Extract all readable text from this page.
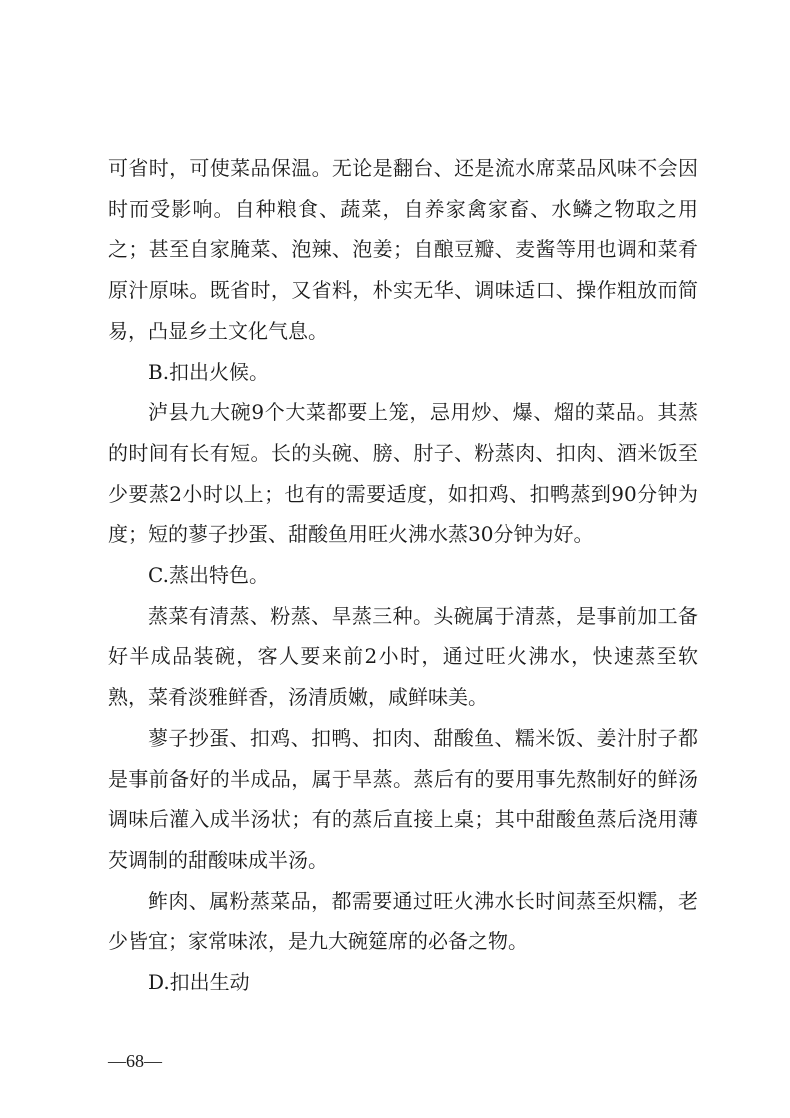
可省时，可使菜品保温。无论是翻台、还是流水席菜品风味不会因时而受影响。自种粮食、蔬菜，自养家禽家畜、水鳞之物取之用之；甚至自家腌菜、泡辣、泡姜；自酿豆瓣、麦酱等用也调和菜肴原汁原味。既省时，又省料，朴实无华、调味适口、操作粗放而简易，凸显乡土文化气息。

B.扣出火候。

泸县九大碗9个大菜都要上笼，忌用炒、爆、熘的菜品。其蒸的时间有长有短。长的头碗、膀、肘子、粉蒸肉、扣肉、酒米饭至少要蒸2小时以上；也有的需要适度，如扣鸡、扣鸭蒸到90分钟为度；短的蓼子抄蛋、甜酸鱼用旺火沸水蒸30分钟为好。

C.蒸出特色。

蒸菜有清蒸、粉蒸、旱蒸三种。头碗属于清蒸，是事前加工备好半成品装碗，客人要来前2小时，通过旺火沸水，快速蒸至软熟，菜肴淡雅鲜香，汤清质嫩，咸鲜味美。

蓼子抄蛋、扣鸡、扣鸭、扣肉、甜酸鱼、糯米饭、姜汁肘子都是事前备好的半成品，属于旱蒸。蒸后有的要用事先熬制好的鲜汤调味后灌入成半汤状；有的蒸后直接上桌；其中甜酸鱼蒸后浇用薄芡调制的甜酸味成半汤。

鲊肉、属粉蒸菜品，都需要通过旺火沸水长时间蒸至炽糯，老少皆宜；家常味浓，是九大碗筵席的必备之物。

D.扣出生动

—68—
